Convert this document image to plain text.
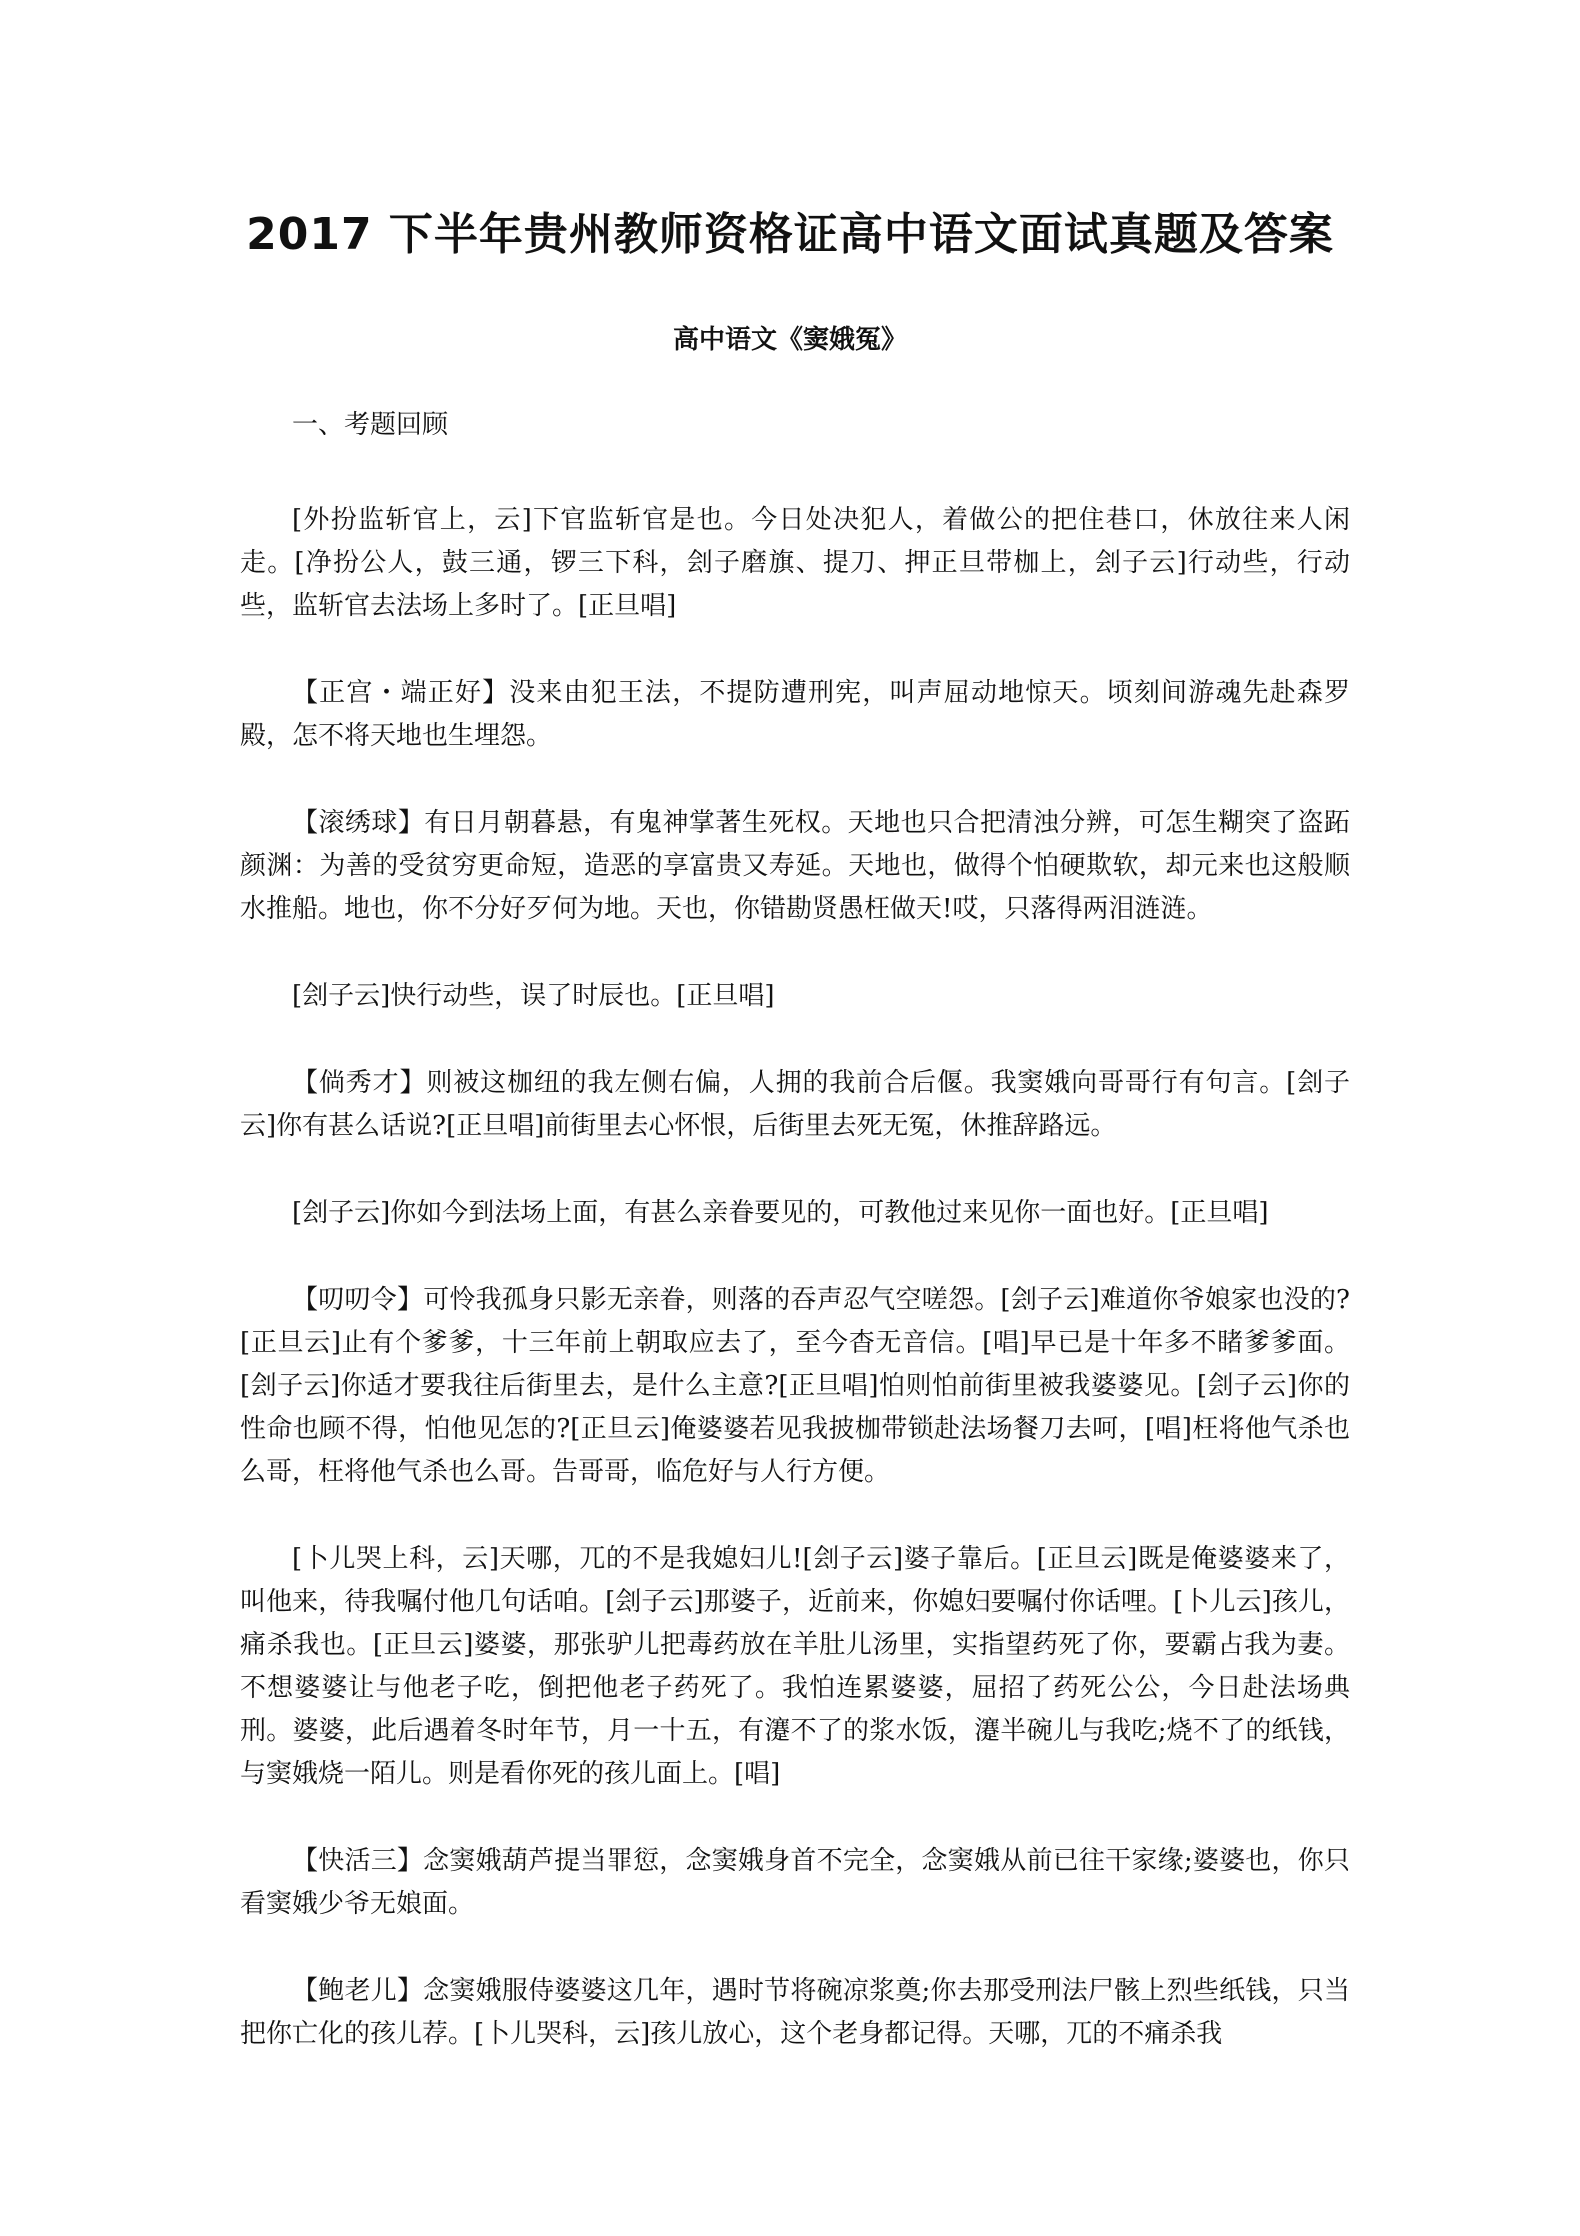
2017 下半年贵州教师资格证高中语文面试真题及答案
高中语文《窦娥冤》

一、考题回顾

[外扮监斩官上，云]下官监斩官是也。今日处决犯人，着做公的把住巷口，休放往来人闲走。[净扮公人，鼓三通，锣三下科，刽子磨旗、提刀、押正旦带枷上，刽子云]行动些，行动些，监斩官去法场上多时了。[正旦唱]

【正宫・端正好】没来由犯王法，不提防遭刑宪，叫声屈动地惊天。顷刻间游魂先赴森罗殿，怎不将天地也生埋怨。

【滚绣球】有日月朝暮悬，有鬼神掌著生死权。天地也只合把清浊分辨，可怎生糊突了盗跖颜渊：为善的受贫穷更命短，造恶的享富贵又寿延。天地也，做得个怕硬欺软，却元来也这般顺水推船。地也，你不分好歹何为地。天也，你错勘贤愚枉做天!哎，只落得两泪涟涟。

[刽子云]快行动些，误了时辰也。[正旦唱]

【倘秀才】则被这枷纽的我左侧右偏，人拥的我前合后偃。我窦娥向哥哥行有句言。[刽子云]你有甚么话说?[正旦唱]前街里去心怀恨，后街里去死无冤，休推辞路远。

[刽子云]你如今到法场上面，有甚么亲眷要见的，可教他过来见你一面也好。[正旦唱]

【叨叨令】可怜我孤身只影无亲眷，则落的吞声忍气空嗟怨。[刽子云]难道你爷娘家也没的?[正旦云]止有个爹爹，十三年前上朝取应去了，至今杳无音信。[唱]早已是十年多不睹爹爹面。[刽子云]你适才要我往后街里去，是什么主意?[正旦唱]怕则怕前街里被我婆婆见。[刽子云]你的性命也顾不得，怕他见怎的?[正旦云]俺婆婆若见我披枷带锁赴法场餐刀去呵，[唱]枉将他气杀也么哥，枉将他气杀也么哥。告哥哥，临危好与人行方便。

[卜儿哭上科，云]天哪，兀的不是我媳妇儿![刽子云]婆子靠后。[正旦云]既是俺婆婆来了，叫他来，待我嘱付他几句话咱。[刽子云]那婆子，近前来，你媳妇要嘱付你话哩。[卜儿云]孩儿，痛杀我也。[正旦云]婆婆，那张驴儿把毒药放在羊肚儿汤里，实指望药死了你，要霸占我为妻。不想婆婆让与他老子吃，倒把他老子药死了。我怕连累婆婆，屈招了药死公公，今日赴法场典刑。婆婆，此后遇着冬时年节，月一十五，有瀽不了的浆水饭，瀽半碗儿与我吃;烧不了的纸钱，与窦娥烧一陌儿。则是看你死的孩儿面上。[唱]

【快活三】念窦娥葫芦提当罪愆，念窦娥身首不完全，念窦娥从前已往干家缘;婆婆也，你只看窦娥少爷无娘面。

【鲍老儿】念窦娥服侍婆婆这几年，遇时节将碗凉浆奠;你去那受刑法尸骸上烈些纸钱，只当把你亡化的孩儿荐。[卜儿哭科，云]孩儿放心，这个老身都记得。天哪，兀的不痛杀我
